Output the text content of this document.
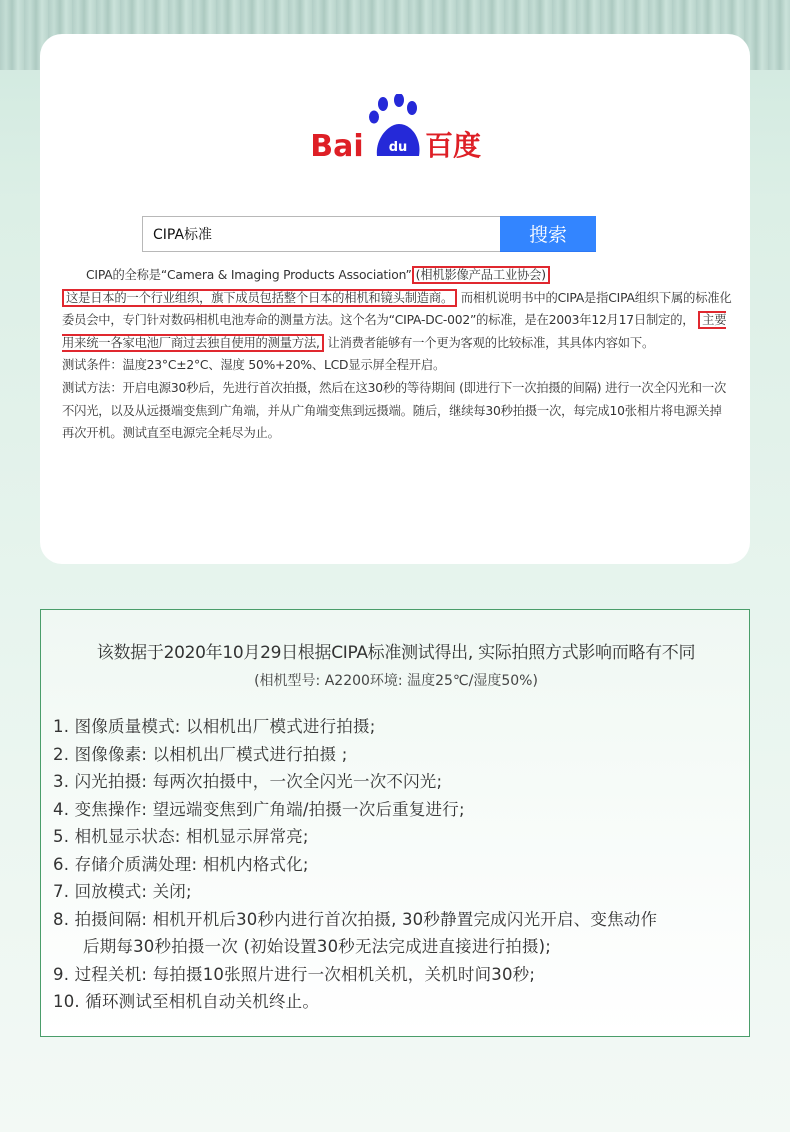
du
Bai 百度
CIPA标准
搜索

CIPA的全称是“Camera & Imaging Products Association” (相机影像产品工业协会)

这是日本的一个行业组织，旗下成员包括整个日本的相机和镜头制造商。 而相机说明书中的CIPA是指CIPA组织下属的标准化委员会中，专门针对数码相机电池寿命的测量方法。这个名为“CIPA-DC-002”的标准，是在2003年12月17日制定的， 主要用来统一各家电池厂商过去独自使用的测量方法, 让消费者能够有一个更为客观的比较标准，其具体内容如下。

测试条件：温度23°C±2°C、湿度 50%+20%、LCD显示屏全程开启。

测试方法：开启电源30秒后，先进行首次拍摄，然后在这30秒的等待期间 (即进行下一次拍摄的间隔) 进行一次全闪光和一次不闪光，以及从远摄端变焦到广角端，并从广角端变焦到远摄端。随后，继续每30秒拍摄一次，每完成10张相片将电源关掉再次开机。测试直至电源完全耗尽为止。

该数据于2020年10月29日根据CIPA标准测试得出, 实际拍照方式影响而略有不同
(相机型号: A2200环境: 温度25℃/湿度50%)
1. 图像质量模式: 以相机出厂模式进行拍摄;
2. 图像像素: 以相机出厂模式进行拍摄 ;
3. 闪光拍摄: 每两次拍摄中，一次全闪光一次不闪光;
4. 变焦操作: 望远端变焦到广角端/拍摄一次后重复进行;
5. 相机显示状态: 相机显示屏常亮;
6. 存储介质满处理: 相机内格式化;
7. 回放模式: 关闭;
8. 拍摄间隔: 相机开机后30秒内进行首次拍摄, 30秒静置完成闪光开启、变焦动作
后期每30秒拍摄一次 (初始设置30秒无法完成进直接进行拍摄);
9. 过程关机: 每拍摄10张照片进行一次相机关机，关机时间30秒;
10. 循环测试至相机自动关机终止。
